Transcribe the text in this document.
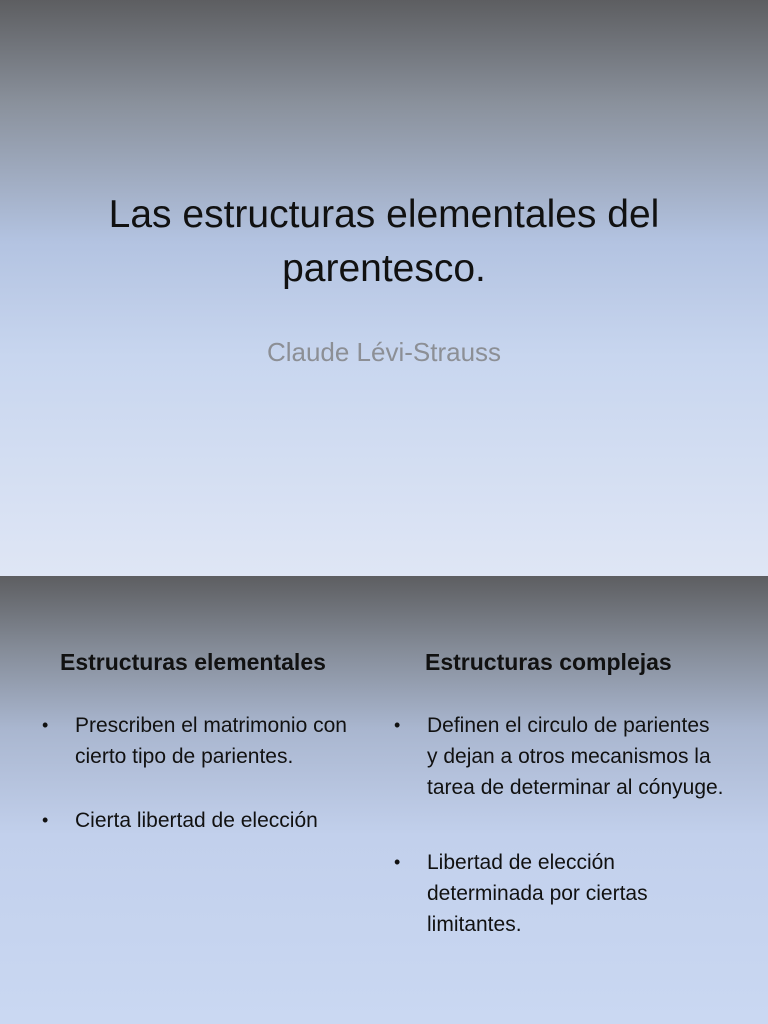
Las estructuras elementales del parentesco.
Claude Lévi-Strauss
Estructuras elementales	Estructuras complejas
• Prescriben el matrimonio con cierto tipo de parientes.
• Cierta libertad de elección
• Definen el circulo de parientes y dejan a otros mecanismos la tarea de determinar al cónyuge.
• Libertad de elección determinada por ciertas limitantes.
